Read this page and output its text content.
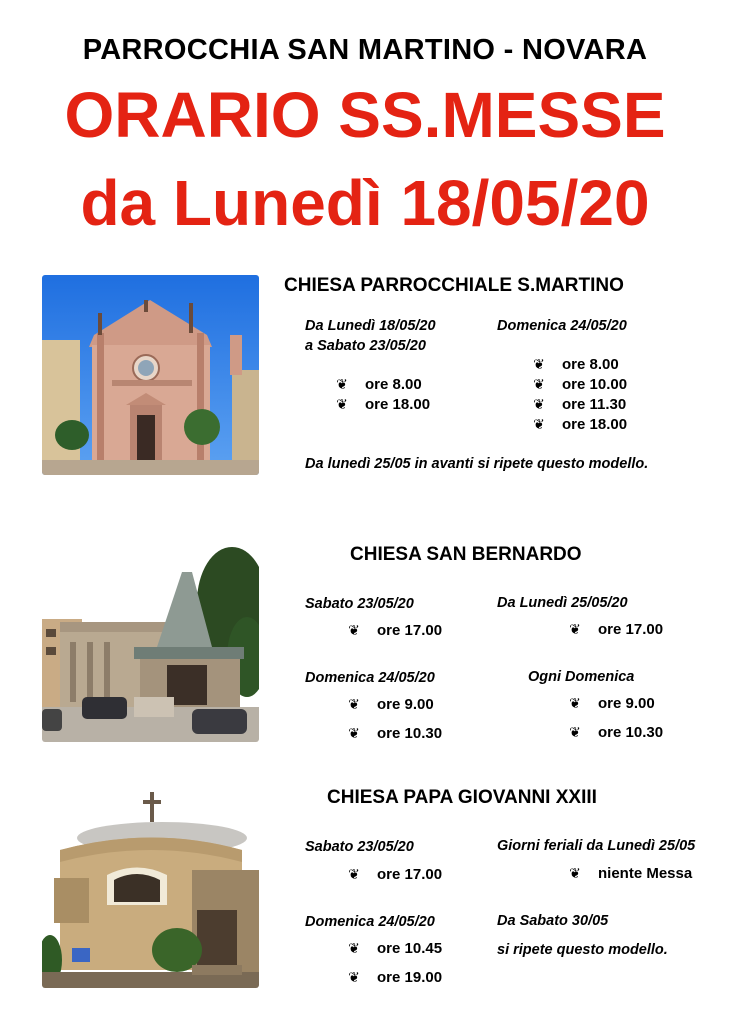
PARROCCHIA SAN MARTINO - NOVARA
ORARIO SS.MESSE
da Lunedì 18/05/20
CHIESA PARROCCHIALE S.MARTINO
Da Lunedì 18/05/20
a Sabato 23/05/20
❦ ore 8.00
❦ ore 18.00
Domenica 24/05/20
❦ ore 8.00
❦ ore 10.00
❦ ore 11.30
❦ ore 18.00
Da lunedì 25/05 in avanti si ripete questo modello.
CHIESA SAN BERNARDO
Sabato 23/05/20
❦ ore 17.00
Da Lunedì 25/05/20
❦ ore 17.00
Domenica 24/05/20
❦ ore 9.00
❦ ore 10.30
Ogni Domenica
❦ ore 9.00
❦ ore 10.30
CHIESA PAPA GIOVANNI XXIII
Sabato 23/05/20
❦ ore 17.00
Giorni feriali da Lunedì 25/05
❦ niente Messa
Domenica 24/05/20
❦ ore 10.45
❦ ore 19.00
Da Sabato 30/05
si ripete questo modello.
